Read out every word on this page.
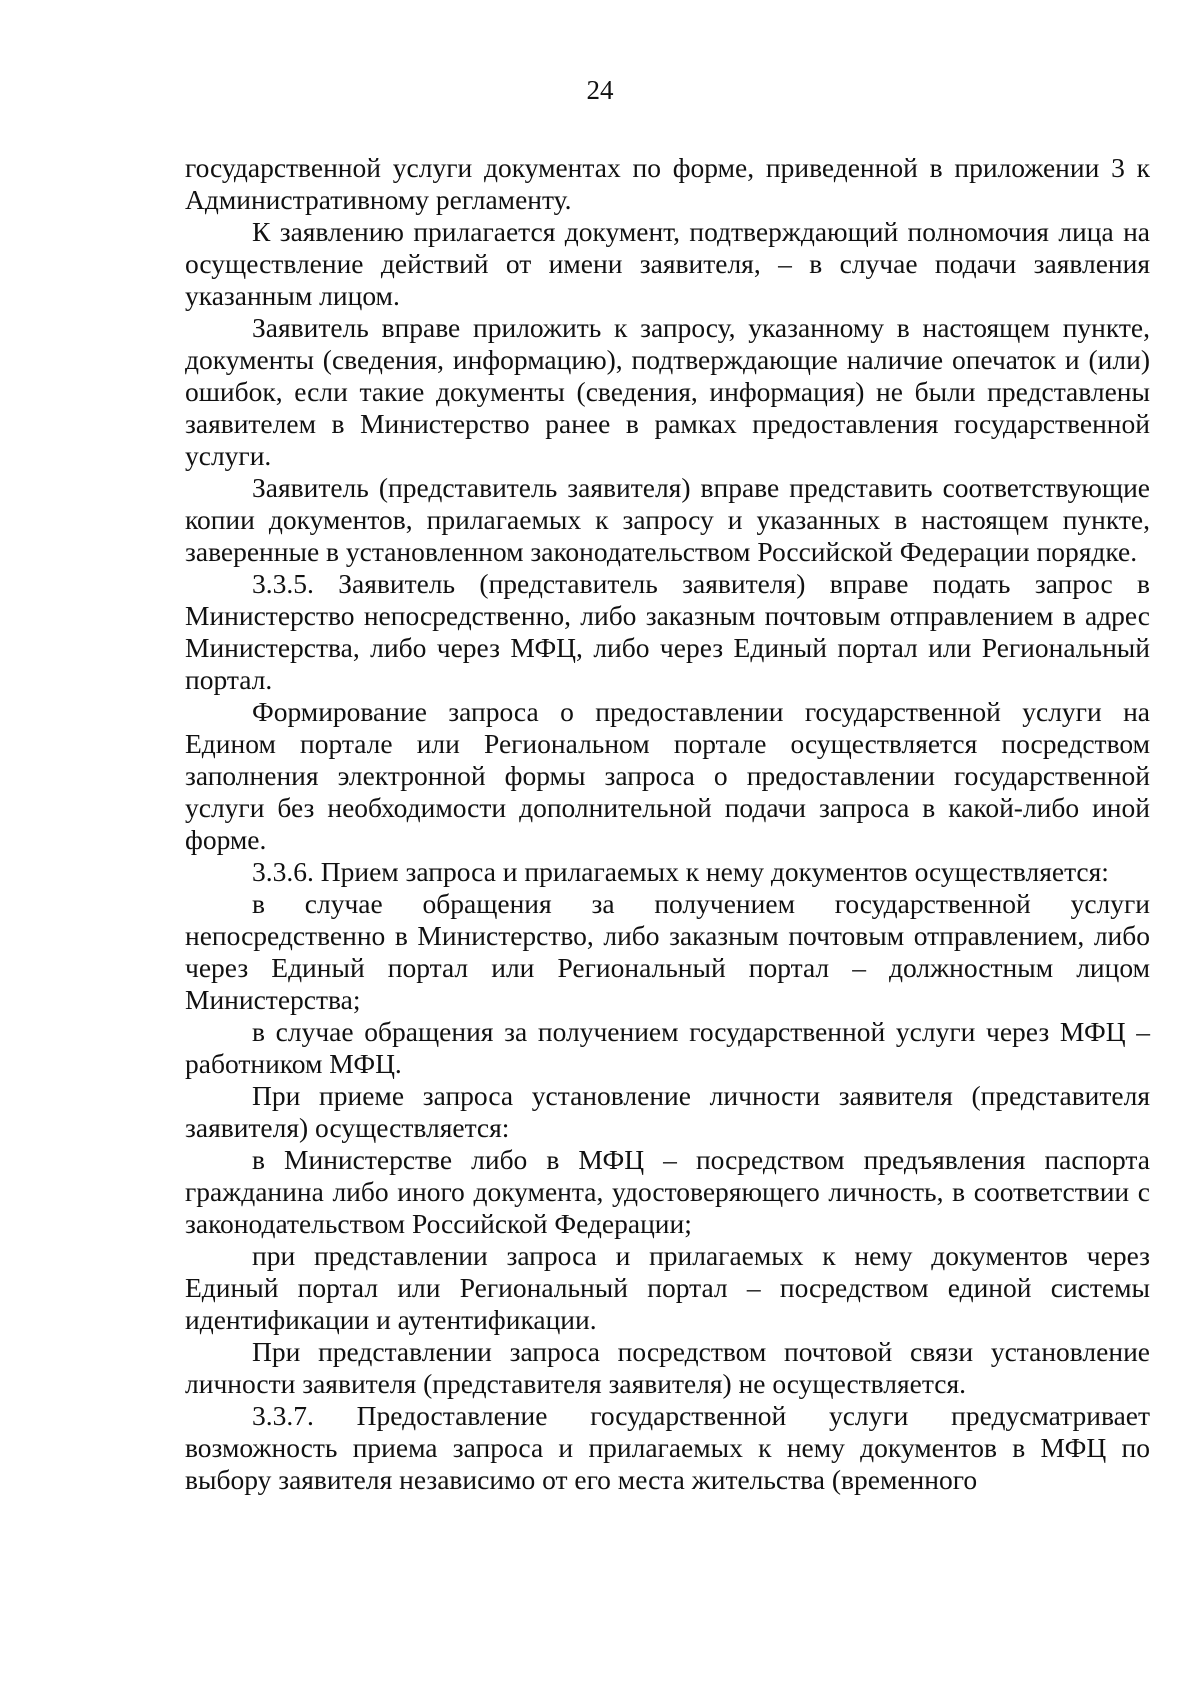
24

государственной услуги документах по форме, приведенной в приложении 3 к Административному регламенту.

К заявлению прилагается документ, подтверждающий полномочия лица на осуществление действий от имени заявителя, – в случае подачи заявления указанным лицом.

Заявитель вправе приложить к запросу, указанному в настоящем пункте, документы (сведения, информацию), подтверждающие наличие опечаток и (или) ошибок, если такие документы (сведения, информация) не были представлены заявителем в Министерство ранее в рамках предоставления государственной услуги.

Заявитель (представитель заявителя) вправе представить соответствующие копии документов, прилагаемых к запросу и указанных в настоящем пункте, заверенные в установленном законодательством Российской Федерации порядке.

3.3.5. Заявитель (представитель заявителя) вправе подать запрос в Министерство непосредственно, либо заказным почтовым отправлением в адрес Министерства, либо через МФЦ, либо через Единый портал или Региональный портал.

Формирование запроса о предоставлении государственной услуги на Едином портале или Региональном портале осуществляется посредством заполнения электронной формы запроса о предоставлении государственной услуги без необходимости дополнительной подачи запроса в какой-либо иной форме.

3.3.6. Прием запроса и прилагаемых к нему документов осуществляется:

в случае обращения за получением государственной услуги непосредственно в Министерство, либо заказным почтовым отправлением, либо через Единый портал или Региональный портал – должностным лицом Министерства;

в случае обращения за получением государственной услуги через МФЦ – работником МФЦ.

При приеме запроса установление личности заявителя (представителя заявителя) осуществляется:

в Министерстве либо в МФЦ – посредством предъявления паспорта гражданина либо иного документа, удостоверяющего личность, в соответствии с законодательством Российской Федерации;

при представлении запроса и прилагаемых к нему документов через Единый портал или Региональный портал – посредством единой системы идентификации и аутентификации.

При представлении запроса посредством почтовой связи установление личности заявителя (представителя заявителя) не осуществляется.

3.3.7. Предоставление государственной услуги предусматривает возможность приема запроса и прилагаемых к нему документов в МФЦ по выбору заявителя независимо от его места жительства (временного
